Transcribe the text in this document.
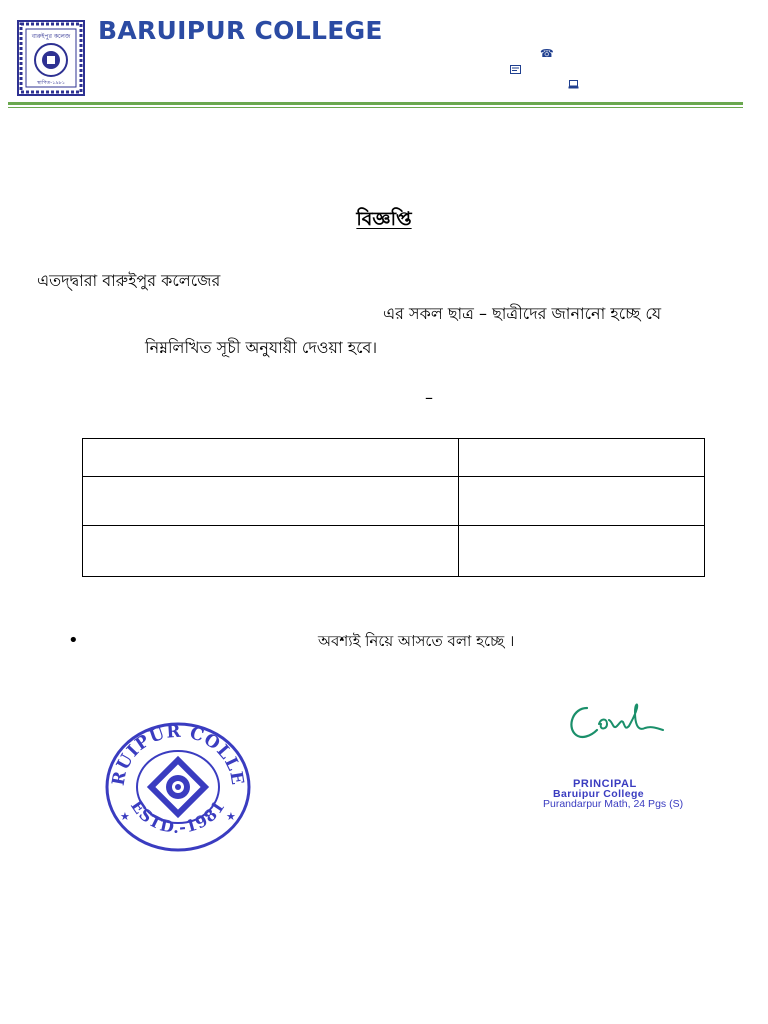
বারুইপুর কলেজ
স্থাপিত-১৯৮১
BARUIPUR COLLEGE
☎
বিজ্ঞপ্তি
এতদ্দ্বারা বারুইপুর কলেজের
এর সকল ছাত্র – ছাত্রীদের জানানো হচ্ছে যে
নিম্নলিখিত সূচী অনুযায়ী দেওয়া হবে।
–

•	অবশ্যই নিয়ে আসতে বলা হচ্ছে ।
RUIPUR COLLE
ESTD.-1981
★	★
PRINCIPAL
Baruipur College
Purandarpur Math, 24 Pgs (S)
